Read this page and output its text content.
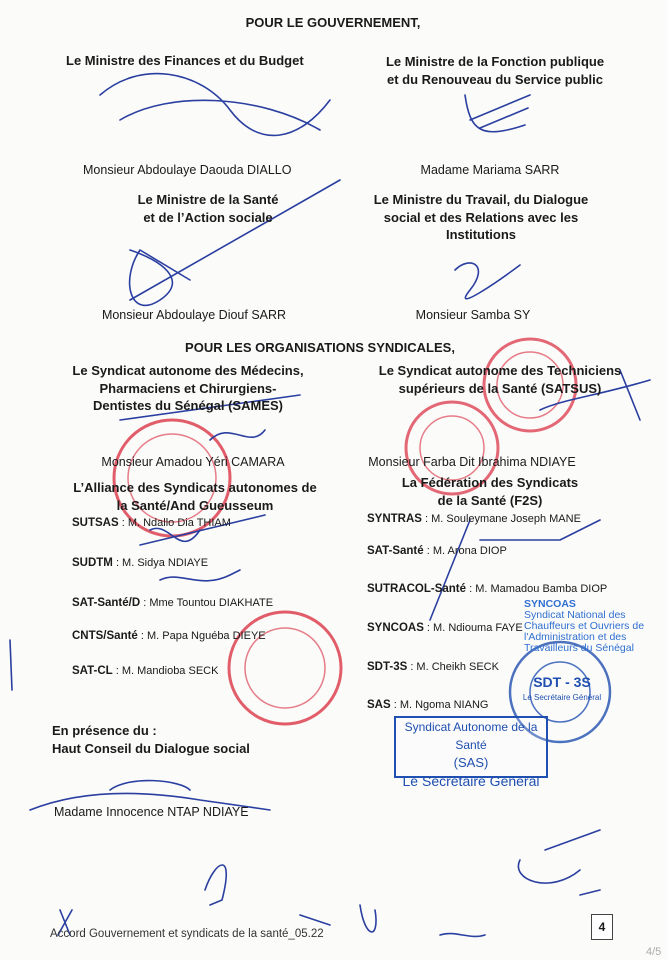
POUR LE GOUVERNEMENT,
Le Ministre des Finances et du Budget
Monsieur Abdoulaye Daouda DIALLO
Le Ministre de la Fonction publique
et du Renouveau du Service public
Madame Mariama SARR
Le Ministre de la Santé
et de l’Action sociale
Monsieur Abdoulaye Diouf SARR
Le Ministre du Travail, du Dialogue
social et des Relations avec les
Institutions
Monsieur Samba SY
POUR LES ORGANISATIONS SYNDICALES,
Le Syndicat autonome des Médecins,
Pharmaciens et Chirurgiens-
Dentistes du Sénégal (SAMES)
Le Syndicat autonome des Techniciens
supérieurs de la Santé (SATSUS)
Monsieur Amadou Yéri CAMARA	Monsieur Farba Dit Ibrahima NDIAYE
L’Alliance des Syndicats autonomes de
la Santé/And Gueusseum
La Fédération des Syndicats
de la Santé (F2S)
SUTSAS : M. Ndallo Dia THIAM
SUDTM : M. Sidya NDIAYE
SAT-Santé/D : Mme Tountou DIAKHATE
CNTS/Santé : M. Papa Nguéba DIEYE
SAT-CL : M. Mandioba SECK
SYNTRAS : M. Souleymane Joseph MANE
SAT-Santé : M. Arona DIOP
SUTRACOL-Santé : M. Mamadou Bamba DIOP
SYNCOAS : M. Ndiouma FAYE
SDT-3S : M. Cheikh SECK
SAS : M. Ngoma NIANG
SYNCOAS
Syndicat National des
Chauffeurs et Ouvriers de
l'Administration et des
Travailleurs du Sénégal
SDT - 3S
Le Secrétaire Général
Syndicat Autonome de la Santé
(SAS)
Le Secrétaire Général
En présence du :
Haut Conseil du Dialogue social
Madame Innocence NTAP NDIAYE
Accord Gouvernement et syndicats de la santé_05.22	4
4/5
